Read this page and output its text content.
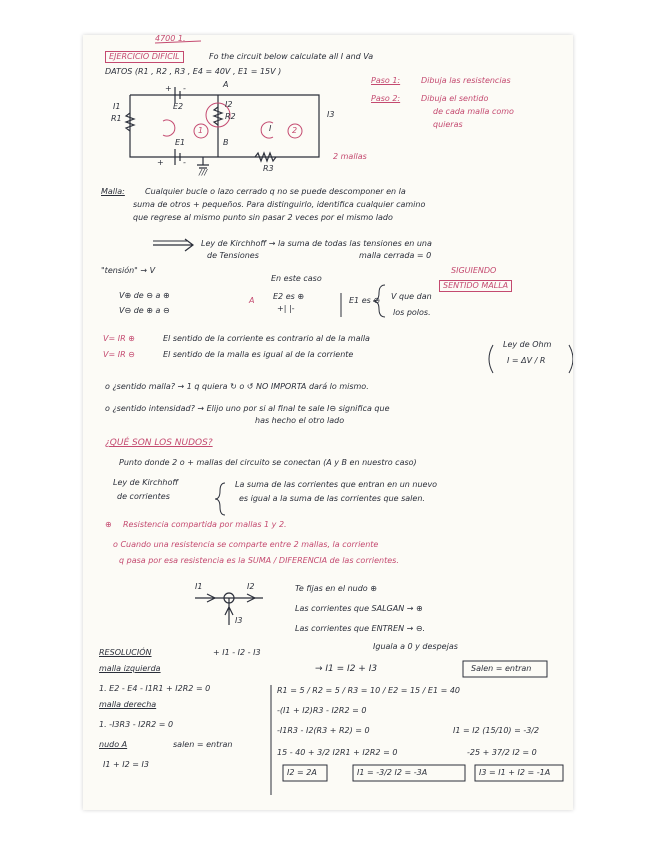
4700 1.
EJERCICIO DIFICIL	Fo the circuit below calculate all I and Va
DATOS (R1 , R2 , R3 , E4 = 40V , E1 = 15V )
A
R1
I1	E2	I2
R2	I3
E1	B
R3
1	2
I
///
+ -
+ -
Paso 1:	Dibuja las resistencias
Paso 2:	Dibuja el sentido
de cada malla como
quieras
2 mallas
Malla:	Cualquier bucle o lazo cerrado q no se puede descomponer en la
suma de otros + pequeños. Para distinguirlo, identifica cualquier camino
que regrese al mismo punto sin pasar 2 veces por el mismo lado
Ley de Kirchhoff → la suma de todas las tensiones en una
de Tensiones	malla cerrada = 0
"tensión" → V
En este caso
SIGUIENDO
SENTIDO MALLA
V⊕ de ⊖ a ⊕
V⊖ de ⊕ a ⊖
A E2 es ⊕
+| |-
E1 es ⊖ V que dan
los polos.
V= IR ⊕	El sentido de la corriente es contrario al de la malla
V= IR ⊖	El sentido de la malla es igual al de la corriente
Ley de Ohm
I = ΔV / R
o ¿sentido malla? → 1 q quiera ↻ o ↺ NO IMPORTA dará lo mismo.
o ¿sentido intensidad? → Elijo uno por si al final te sale I⊖ significa que
has hecho el otro lado
¿QUÉ SON LOS NUDOS?
Punto donde 2 o + mallas del circuito se conectan (A y B en nuestro caso)
Ley de Kirchhoff
de corrientes
La suma de las corrientes que entran en un nuevo
es igual a la suma de las corrientes que salen.
⊕ Resistencia compartida por mallas 1 y 2.
o Cuando una resistencia se comparte entre 2 mallas, la corriente
q pasa por esa resistencia es la SUMA / DIFERENCIA de las corrientes.
I1	I2
I3
Te fijas en el nudo ⊕
Las corrientes que SALGAN → ⊕
Las corrientes que ENTREN → ⊖.
+ I1 - I2 - I3
Iguala a 0 y despejas
→ I1 = I2 + I3	Salen = entran
RESOLUCIÓN
malla izquierda
1. E2 - E4 - I1R1 + I2R2 = 0
malla derecha
1. -I3R3 - I2R2 = 0
nudo A	salen = entran
I1 + I2 = I3
R1 = 5 / R2 = 5 / R3 = 10 / E2 = 15 / E1 = 40
-(I1 + I2)R3 - I2R2 = 0
-I1R3 - I2(R3 + R2) = 0	I1 = I2 (15/10) = -3/2
15 - 40 + 3/2 I2R1 + I2R2 = 0	-25 + 37/2 I2 = 0
I2 = 2A	I1 = -3/2 I2 = -3A	I3 = I1 + I2 = -1A
